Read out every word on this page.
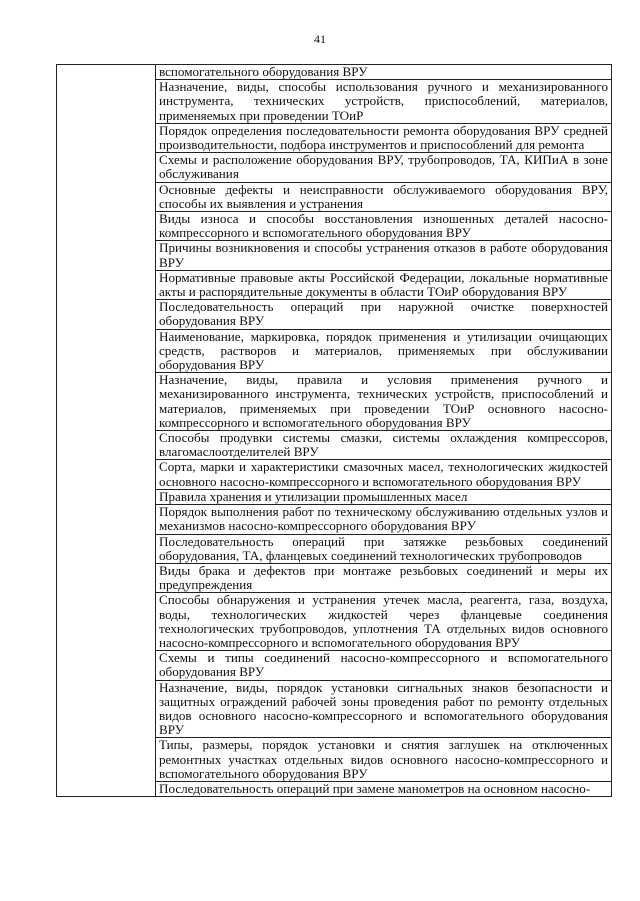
41
	вспомогательного оборудования ВРУ
Назначение, виды, способы использования ручного и механизированного инструмента, технических устройств, приспособлений, материалов, применяемых при проведении ТОиР
Порядок определения последовательности ремонта оборудования ВРУ средней производительности, подбора инструментов и приспособлений для ремонта
Схемы и расположение оборудования ВРУ, трубопроводов, ТА, КИПиА в зоне обслуживания
Основные дефекты и неисправности обслуживаемого оборудования ВРУ, способы их выявления и устранения
Виды износа и способы восстановления изношенных деталей насосно-компрессорного и вспомогательного оборудования ВРУ
Причины возникновения и способы устранения отказов в работе оборудования ВРУ
Нормативные правовые акты Российской Федерации, локальные нормативные акты и распорядительные документы в области ТОиР оборудования ВРУ
Последовательность операций при наружной очистке поверхностей оборудования ВРУ
Наименование, маркировка, порядок применения и утилизации очищающих средств, растворов и материалов, применяемых при обслуживании оборудования ВРУ
Назначение, виды, правила и условия применения ручного и механизированного инструмента, технических устройств, приспособлений и материалов, применяемых при проведении ТОиР основного насосно-компрессорного и вспомогательного оборудования ВРУ
Способы продувки системы смазки, системы охлаждения компрессоров, влагомаслоотделителей ВРУ
Сорта, марки и характеристики смазочных масел, технологических жидкостей основного насосно-компрессорного и вспомогательного оборудования ВРУ
Правила хранения и утилизации промышленных масел
Порядок выполнения работ по техническому обслуживанию отдельных узлов и механизмов насосно-компрессорного оборудования ВРУ
Последовательность операций при затяжке резьбовых соединений оборудования, ТА, фланцевых соединений технологических трубопроводов
Виды брака и дефектов при монтаже резьбовых соединений и меры их предупреждения
Способы обнаружения и устранения утечек масла, реагента, газа, воздуха, воды, технологических жидкостей через фланцевые соединения технологических трубопроводов, уплотнения ТА отдельных видов основного насосно-компрессорного и вспомогательного оборудования ВРУ
Схемы и типы соединений насосно-компрессорного и вспомогательного оборудования ВРУ
Назначение, виды, порядок установки сигнальных знаков безопасности и защитных ограждений рабочей зоны проведения работ по ремонту отдельных видов основного насосно-компрессорного и вспомогательного оборудования ВРУ
Типы, размеры, порядок установки и снятия заглушек на отключенных ремонтных участках отдельных видов основного насосно-компрессорного и вспомогательного оборудования ВРУ
Последовательность операций при замене манометров на основном насосно-
